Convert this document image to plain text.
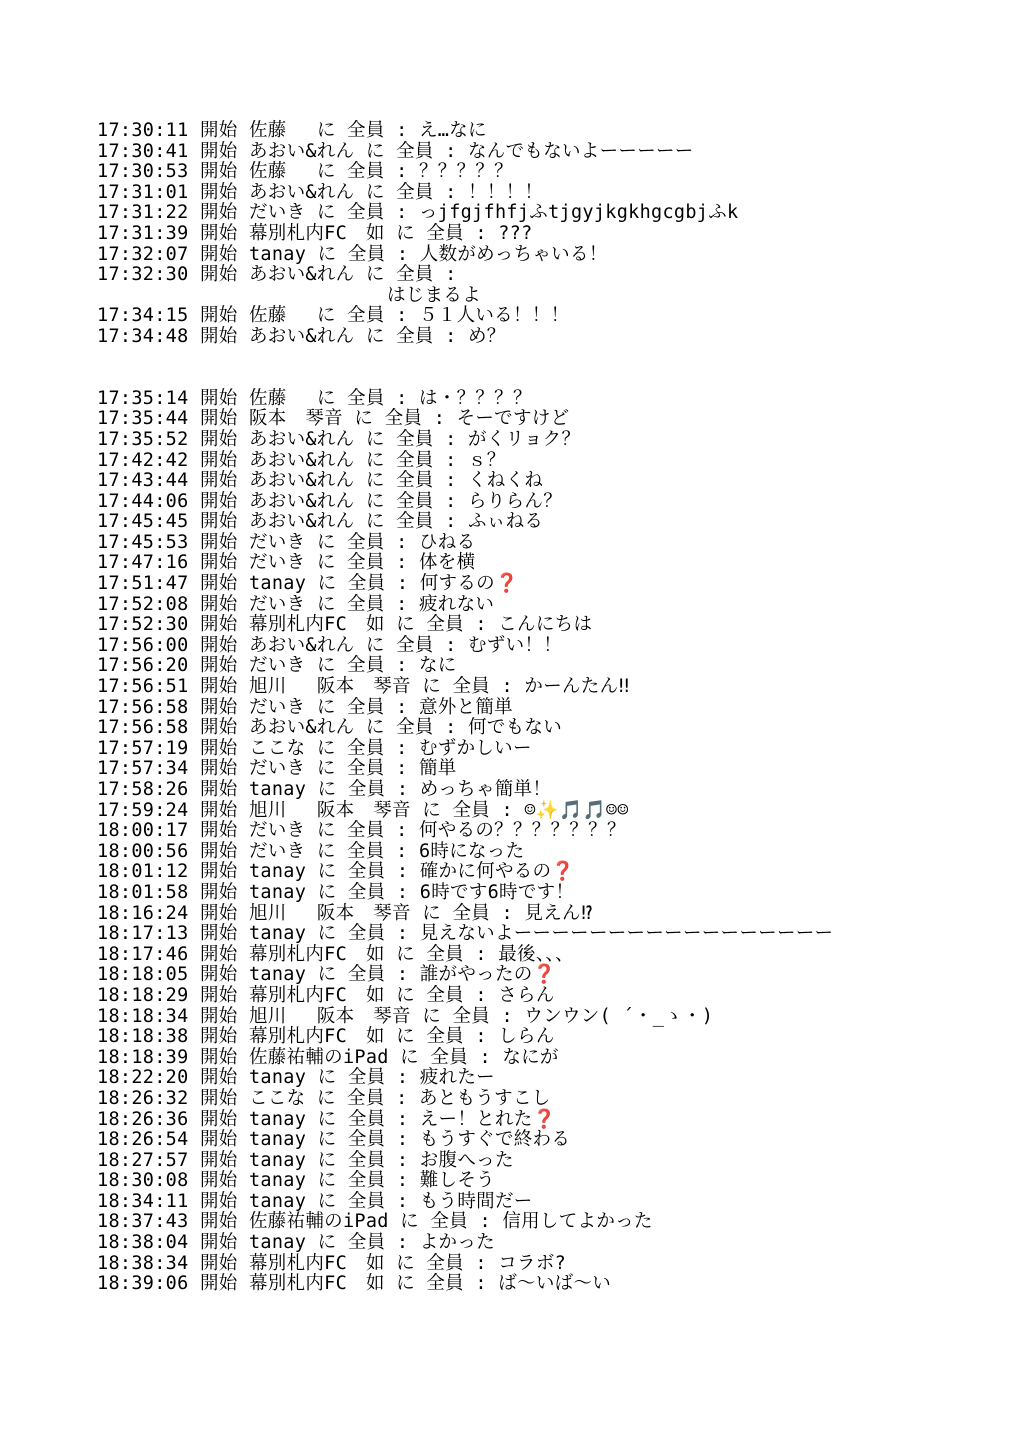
17:30:11 開始 佐藤　 に 全員 : え…なに
17:30:41 開始 あおい&れん に 全員 : なんでもないよーーーーー
17:30:53 開始 佐藤　 に 全員 : ？？？？？
17:31:01 開始 あおい&れん に 全員 : ！！！！
17:31:22 開始 だいき に 全員 : っjfgjfhfjふtjgyjkgkhgcgbjふk
17:31:39 開始 幕別札内FC　如 に 全員 : ???
17:32:07 開始 tanay に 全員 : 人数がめっちゃいる！
17:32:30 開始 あおい&れん に 全員 :
はじまるよ
17:34:15 開始 佐藤　 に 全員 : ５１人いる！！！
17:34:48 開始 あおい&れん に 全員 : め？
17:35:14 開始 佐藤　 に 全員 : は・？？？？
17:35:44 開始 阪本　琴音 に 全員 : そーですけど
17:35:52 開始 あおい&れん に 全員 : がくリョク？
17:42:42 開始 あおい&れん に 全員 : ｓ？
17:43:44 開始 あおい&れん に 全員 : くねくね
17:44:06 開始 あおい&れん に 全員 : らりらん？
17:45:45 開始 あおい&れん に 全員 : ふぃねる
17:45:53 開始 だいき に 全員 : ひねる
17:47:16 開始 だいき に 全員 : 体を横
17:51:47 開始 tanay に 全員 : 何するの❓
17:52:08 開始 だいき に 全員 : 疲れない
17:52:30 開始 幕別札内FC　如 に 全員 : こんにちは
17:56:00 開始 あおい&れん に 全員 : むずい！！
17:56:20 開始 だいき に 全員 : なに
17:56:51 開始 旭川　 阪本　琴音 に 全員 : かーんたん‼
17:56:58 開始 だいき に 全員 : 意外と簡単
17:56:58 開始 あおい&れん に 全員 : 何でもない
17:57:19 開始 ここな に 全員 : むずかしいー
17:57:34 開始 だいき に 全員 : 簡単
17:58:26 開始 tanay に 全員 : めっちゃ簡単！
17:59:24 開始 旭川　 阪本　琴音 に 全員 : ☺✨🎵🎵☺☺
18:00:17 開始 だいき に 全員 : 何やるの？？？？？？？
18:00:56 開始 だいき に 全員 : 6時になった
18:01:12 開始 tanay に 全員 : 確かに何やるの❓
18:01:58 開始 tanay に 全員 : 6時です6時です！
18:16:24 開始 旭川　 阪本　琴音 に 全員 : 見えん⁉
18:17:13 開始 tanay に 全員 : 見えないよーーーーーーーーーーーーーーーーー
18:17:46 開始 幕別札内FC　如 に 全員 : 最後、、、
18:18:05 開始 tanay に 全員 : 誰がやったの❓
18:18:29 開始 幕別札内FC　如 に 全員 : さらん
18:18:34 開始 旭川　 阪本　琴音 に 全員 : ウンウン( ´・_ゝ・)
18:18:38 開始 幕別札内FC　如 に 全員 : しらん
18:18:39 開始 佐藤祐輔のiPad に 全員 : なにが
18:22:20 開始 tanay に 全員 : 疲れたー
18:26:32 開始 ここな に 全員 : あともうすこし
18:26:36 開始 tanay に 全員 : えー！とれた❓
18:26:54 開始 tanay に 全員 : もうすぐで終わる
18:27:57 開始 tanay に 全員 : お腹へった
18:30:08 開始 tanay に 全員 : 難しそう
18:34:11 開始 tanay に 全員 : もう時間だー
18:37:43 開始 佐藤祐輔のiPad に 全員 : 信用してよかった
18:38:04 開始 tanay に 全員 : よかった
18:38:34 開始 幕別札内FC　如 に 全員 : コラボ?
18:39:06 開始 幕別札内FC　如 に 全員 : ば〜いば〜い
